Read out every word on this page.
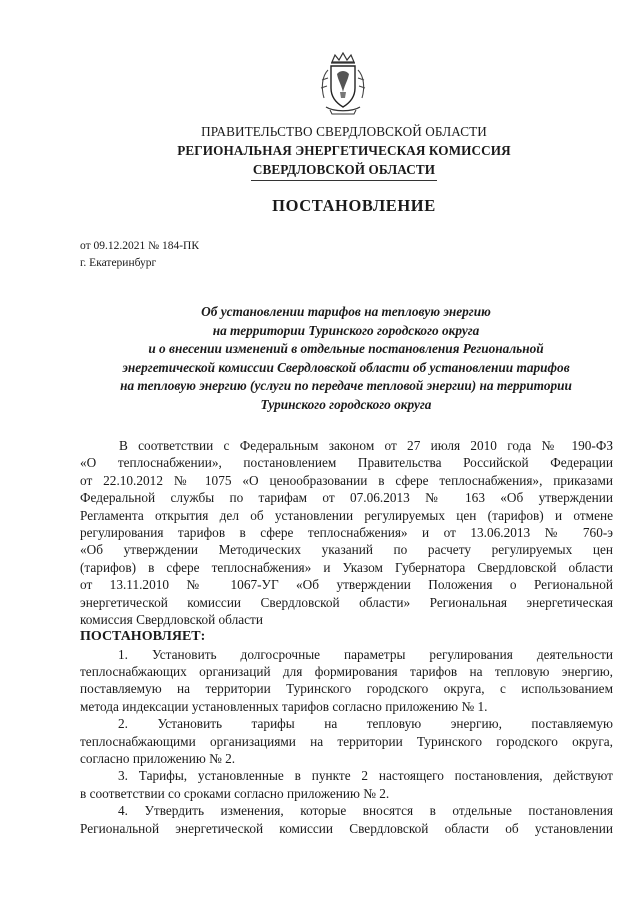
ПРАВИТЕЛЬСТВО СВЕРДЛОВСКОЙ ОБЛАСТИ
РЕГИОНАЛЬНАЯ ЭНЕРГЕТИЧЕСКАЯ КОМИССИЯ
СВЕРДЛОВСКОЙ ОБЛАСТИ
ПОСТАНОВЛЕНИЕ
от 09.12.2021 № 184-ПК
г. Екатеринбург
Об установлении тарифов на тепловую энергию
на территории Туринского городского округа
и о внесении изменений в отдельные постановления Региональной
энергетической комиссии Свердловской области об установлении тарифов
на тепловую энергию (услуги по передаче тепловой энергии) на территории
Туринского городского округа
В соответствии с Федеральным законом от 27 июля 2010 года № 190-ФЗ
«О теплоснабжении», постановлением Правительства Российской Федерации
от 22.10.2012 № 1075 «О ценообразовании в сфере теплоснабжения», приказами
Федеральной службы по тарифам от 07.06.2013 № 163 «Об утверждении
Регламента открытия дел об установлении регулируемых цен (тарифов) и отмене
регулирования тарифов в сфере теплоснабжения» и от 13.06.2013 № 760-э
«Об утверждении Методических указаний по расчету регулируемых цен
(тарифов) в сфере теплоснабжения» и Указом Губернатора Свердловской области
от 13.11.2010 № 1067-УГ «Об утверждении Положения о Региональной
энергетической комиссии Свердловской области» Региональная энергетическая
комиссия Свердловской области
ПОСТАНОВЛЯЕТ:
1. Установить долгосрочные параметры регулирования деятельности
теплоснабжающих организаций для формирования тарифов на тепловую энергию,
поставляемую на территории Туринского городского округа, с использованием
метода индексации установленных тарифов согласно приложению № 1.
2. Установить тарифы на тепловую энергию, поставляемую
теплоснабжающими организациями на территории Туринского городского округа,
согласно приложению № 2.
3. Тарифы, установленные в пункте 2 настоящего постановления, действуют
в соответствии со сроками согласно приложению № 2.
4. Утвердить изменения, которые вносятся в отдельные постановления
Региональной энергетической комиссии Свердловской области об установлении
